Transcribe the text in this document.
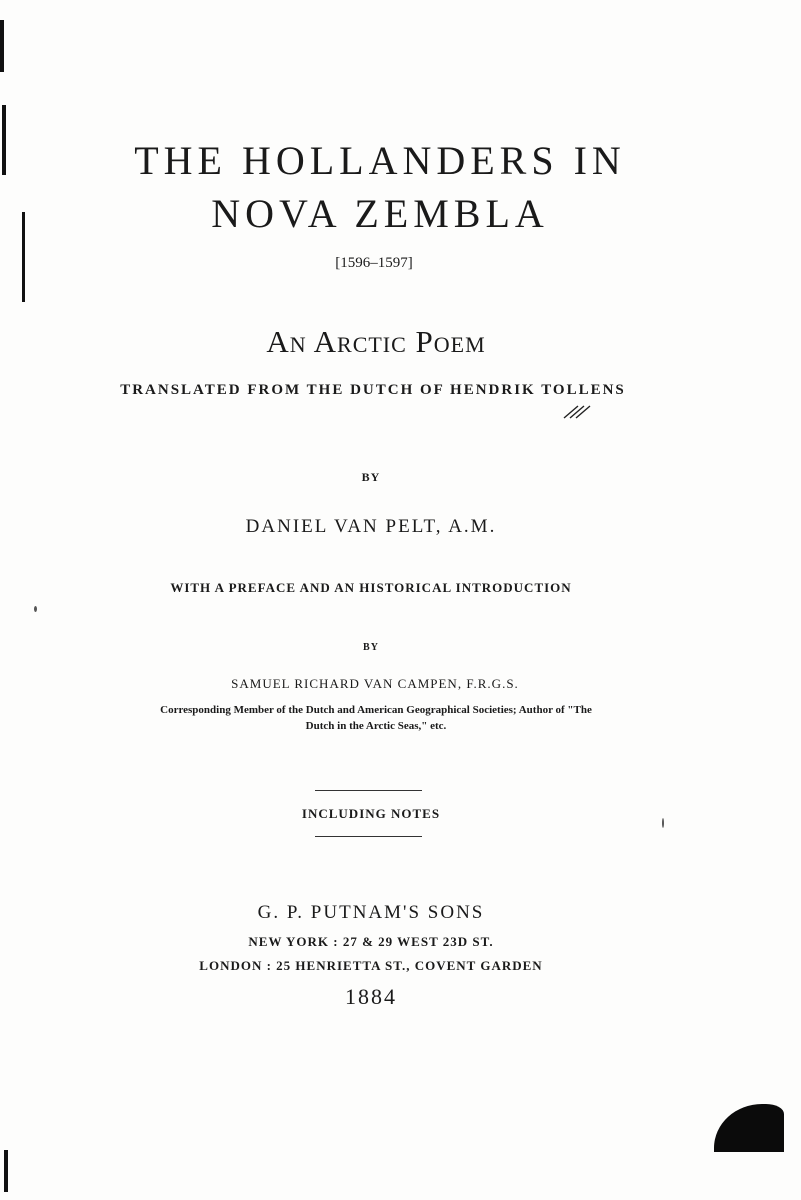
THE HOLLANDERS IN
NOVA ZEMBLA
[1596–1597]
An Arctic Poem
TRANSLATED FROM THE DUTCH OF HENDRIK TOLLENS
BY
DANIEL VAN PELT, A.M.
WITH A PREFACE AND AN HISTORICAL INTRODUCTION
BY
SAMUEL RICHARD VAN CAMPEN, F.R.G.S.
Corresponding Member of the Dutch and American Geographical Societies; Author of "The
Dutch in the Arctic Seas," etc.
INCLUDING NOTES
G. P. PUTNAM'S SONS
NEW YORK : 27 & 29 WEST 23D ST.
LONDON : 25 HENRIETTA ST., COVENT GARDEN
1884
